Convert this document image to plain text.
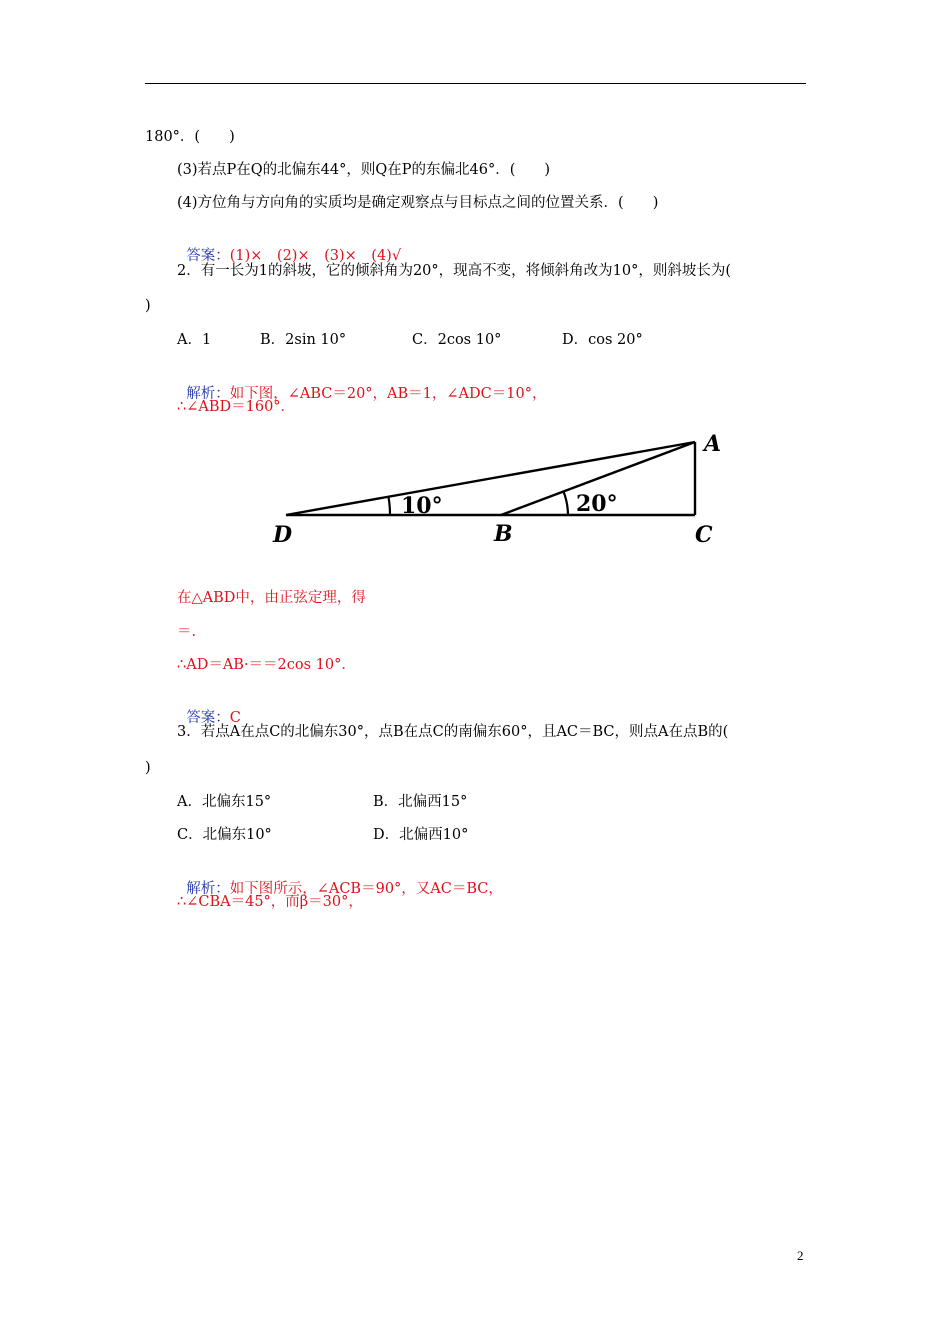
180°．(　　)
(3)若点P在Q的北偏东44°，则Q在P的东偏北46°．(　　)
(4)方位角与方向角的实质均是确定观察点与目标点之间的位置关系．(　　)

答案：(1)×　(2)×　(3)×　(4)√

2．有一长为1的斜坡，它的倾斜角为20°，现高不变，将倾斜角改为10°，则斜坡长为(
)
A．1	B．2sin 10°	C．2cos 10°	D．cos 20°

解析：如下图，∠ABC＝20°，AB＝1，∠ADC＝10°，

∴∠ABD＝160°．
10°	20°
A
D	B	C
在△ABD中，由正弦定理，得
＝.
∴AD＝AB·＝＝2cos 10°．

答案：C

3．若点A在点C的北偏东30°，点B在点C的南偏东60°，且AC＝BC，则点A在点B的(
)
A．北偏东15°	B．北偏西15°
C．北偏东10°	D．北偏西10°

解析：如下图所示，∠ACB＝90°，又AC＝BC，

∴∠CBA＝45°，而β＝30°，
2
